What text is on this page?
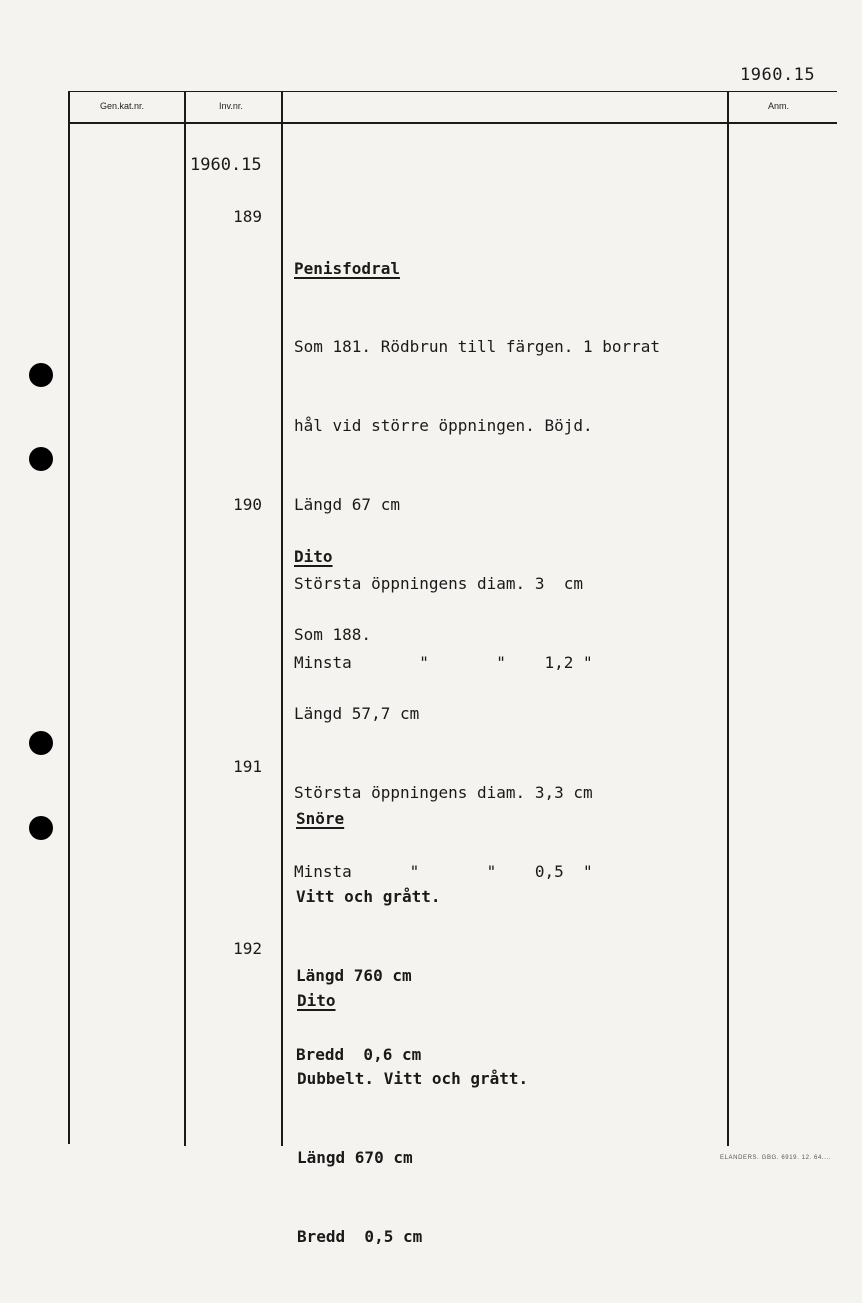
1960.15
Gen.kat.nr.	Inv.nr.	Anm.
1960.15
189

Penisfodral

Som 181. Rödbrun till färgen. 1 borrat

hål vid större öppningen. Böjd.

Längd 67 cm

Största öppningens diam. 3  cm

Minsta       "       "    1,2 "

190

Dito

Som 188.

Längd 57,7 cm

Största öppningens diam. 3,3 cm

Minsta      "       "    0,5  "

191

Snöre

Vitt och grått.

Längd 760 cm

Bredd  0,6 cm

192

Dito

Dubbelt. Vitt och grått.

Längd 670 cm

Bredd  0,5 cm

ELANDERS. GBG. 6919. 12. 64....
